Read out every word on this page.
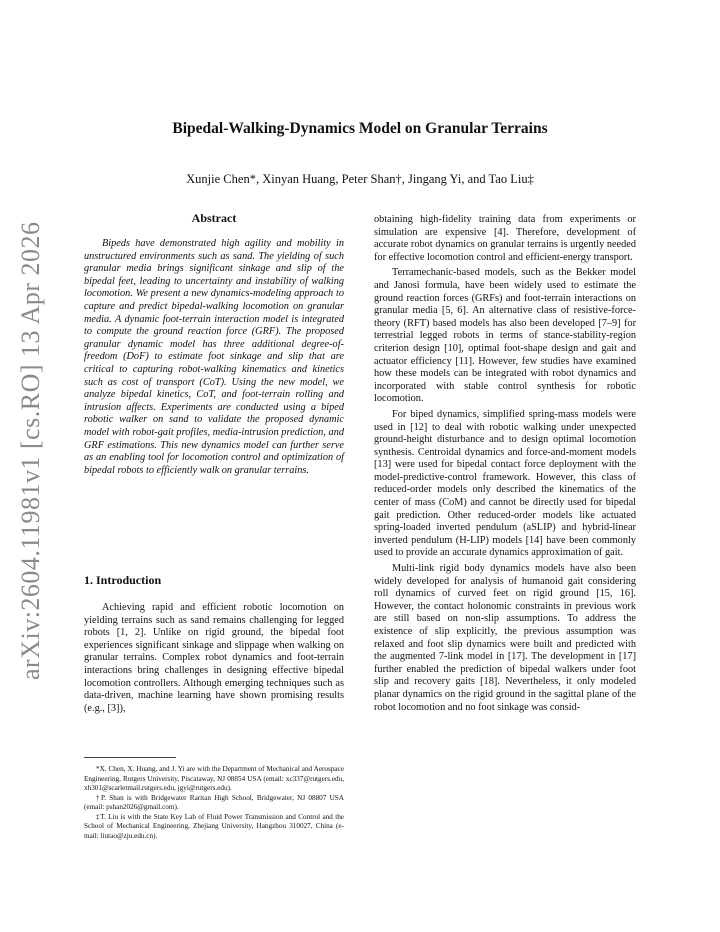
arXiv:2604.11981v1 [cs.RO] 13 Apr 2026
Bipedal-Walking-Dynamics Model on Granular Terrains
Xunjie Chen*, Xinyan Huang, Peter Shan†, Jingang Yi, and Tao Liu‡
Abstract
Bipeds have demonstrated high agility and mobility in unstructured environments such as sand. The yielding of such granular media brings significant sinkage and slip of the bipedal feet, leading to uncertainty and instability of walking locomotion. We present a new dynamics-modeling approach to capture and predict bipedal-walking locomotion on granular media. A dynamic foot-terrain interaction model is integrated to compute the ground reaction force (GRF). The proposed granular dynamic model has three additional degree-of-freedom (DoF) to estimate foot sinkage and slip that are critical to capturing robot-walking kinematics and kinetics such as cost of transport (CoT). Using the new model, we analyze bipedal kinetics, CoT, and foot-terrain rolling and intrusion affects. Experiments are conducted using a biped robotic walker on sand to validate the proposed dynamic model with robot-gait profiles, media-intrusion prediction, and GRF estimations. This new dynamics model can further serve as an enabling tool for locomotion control and optimization of bipedal robots to efficiently walk on granular terrains.
1. Introduction
Achieving rapid and efficient robotic locomotion on yielding terrains such as sand remains challenging for legged robots [1, 2]. Unlike on rigid ground, the bipedal foot experiences significant sinkage and slippage when walking on granular terrains. Complex robot dynamics and foot-terrain interactions bring challenges in designing effective bipedal locomotion controllers. Although emerging techniques such as data-driven, machine learning have shown promising results (e.g., [3]),

*X. Chen, X. Huang, and J. Yi are with the Department of Mechanical and Aerospace Engineering, Rutgers University, Piscataway, NJ 08854 USA (email: xc337@rutgers.edu, xh301@scarletmail.rutgers.edu, jgyi@rutgers.edu).

†P. Shan is with Bridgewater Raritan High School, Bridgewater, NJ 08807 USA (email: pshan2026@gmail.com).

‡T. Liu is with the State Key Lab of Fluid Power Transmission and Control and the School of Mechanical Engineering, Zhejiang University, Hangzhou 310027, China (e-mail: liutao@zju.edu.cn).

obtaining high-fidelity training data from experiments or simulation are expensive [4]. Therefore, development of accurate robot dynamics on granular terrains is urgently needed for effective locomotion control and efficient-energy transport.

Terramechanic-based models, such as the Bekker model and Janosi formula, have been widely used to estimate the ground reaction forces (GRFs) and foot-terrain interactions on granular media [5, 6]. An alternative class of resistive-force-theory (RFT) based models has also been developed [7–9] for terrestrial legged robots in terms of stance-stability-region criterion design [10], optimal foot-shape design and gait and actuator efficiency [11]. However, few studies have examined how these models can be integrated with robot dynamics and incorporated with stable control synthesis for robotic locomotion.

For biped dynamics, simplified spring-mass models were used in [12] to deal with robotic walking under unexpected ground-height disturbance and to design optimal locomotion synthesis. Centroidal dynamics and force-and-moment models [13] were used for bipedal contact force deployment with the model-predictive-control framework. However, this class of reduced-order models only described the kinematics of the center of mass (CoM) and cannot be directly used for bipedal gait prediction. Other reduced-order models like actuated spring-loaded inverted pendulum (aSLIP) and hybrid-linear inverted pendulum (H-LIP) models [14] have been commonly used to provide an accurate dynamics approximation of gait.

Multi-link rigid body dynamics models have also been widely developed for analysis of humanoid gait considering roll dynamics of curved feet on rigid ground [15, 16]. However, the contact holonomic constraints in previous work are still based on non-slip assumptions. To address the existence of slip explicitly, the previous assumption was relaxed and foot slip dynamics were built and predicted with the augmented 7-link model in [17]. The development in [17] further enabled the prediction of bipedal walkers under foot slip and recovery gaits [18]. Nevertheless, it only modeled planar dynamics on the rigid ground in the sagittal plane of the robot locomotion and no foot sinkage was consid-
